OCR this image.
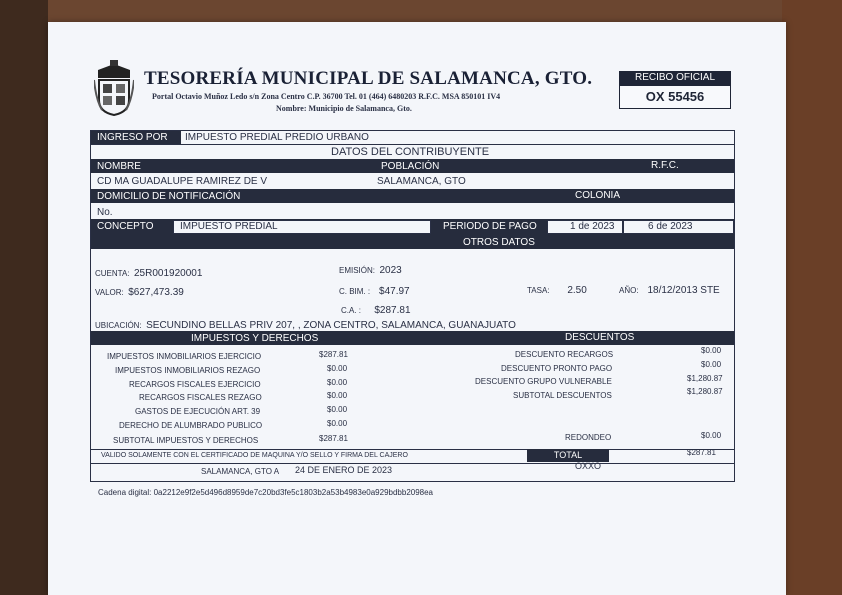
TESORERÍA MUNICIPAL DE SALAMANCA, GTO.
Portal Octavio Muñoz Ledo s/n Zona Centro C.P. 36700 Tel. 01 (464) 6480203 R.F.C. MSA 850101 IV4
Nombre: Municipio de Salamanca, Gto.
RECIBO OFICIAL
OX 55456
INGRESO POR	IMPUESTO PREDIAL PREDIO URBANO
DATOS DEL CONTRIBUYENTE
NOMBRE	POBLACIÓN	R.F.C.
CD MA GUADALUPE RAMIREZ DE V	SALAMANCA, GTO
DOMICILIO DE NOTIFICACIÓN	COLONIA
No.
CONCEPTO	IMPUESTO PREDIAL	PERIODO DE PAGO	1 de 2023	6 de 2023
OTROS DATOS
CUENTA: 25R001920001	EMISIÓN: 2023
VALOR: $627,473.39	C. BIM. : $47.97	TASA: 2.50	AÑO: 18/12/2013 STE
C.A. : $287.81
UBICACIÓN: SECUNDINO BELLAS PRIV 207, , ZONA CENTRO, SALAMANCA, GUANAJUATO
IMPUESTOS Y DERECHOS	DESCUENTOS
IMPUESTOS INMOBILIARIOS EJERCICIO	$287.81
IMPUESTOS INMOBILIARIOS REZAGO	$0.00
RECARGOS FISCALES EJERCICIO	$0.00
RECARGOS FISCALES REZAGO	$0.00
GASTOS DE EJECUCIÓN ART. 39	$0.00
DERECHO DE ALUMBRADO PUBLICO	$0.00
SUBTOTAL IMPUESTOS Y DERECHOS	$287.81
DESCUENTO RECARGOS	$0.00
DESCUENTO PRONTO PAGO	$0.00
DESCUENTO GRUPO VULNERABLE	$1,280.87
SUBTOTAL DESCUENTOS	$1,280.87
REDONDEO	$0.00
VALIDO SOLAMENTE CON EL CERTIFICADO DE MAQUINA Y/O SELLO Y FIRMA DEL CAJERO	TOTAL	$287.81
SALAMANCA, GTO A 24 DE ENERO DE 2023	OXXO
Cadena digital: 0a2212e9f2e5d496d8959de7c20bd3fe5c1803b2a53b4983e0a929bdbb2098ea
